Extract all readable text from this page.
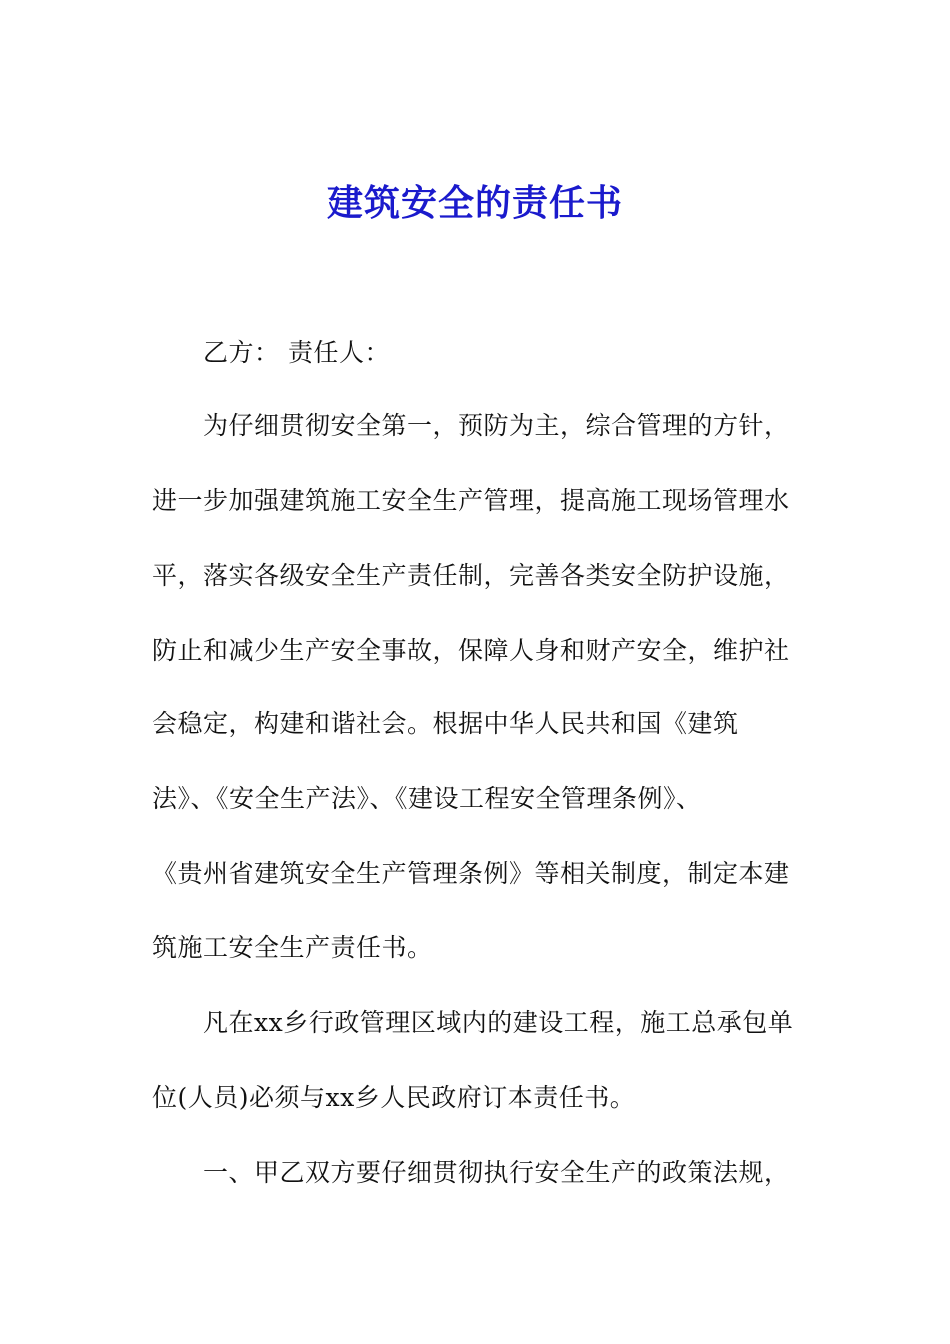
建筑安全的责任书
乙方： 责任人：
为仔细贯彻安全第一，预防为主，综合管理的方针，
进一步加强建筑施工安全生产管理，提高施工现场管理水
平，落实各级安全生产责任制，完善各类安全防护设施，
防止和减少生产安全事故，保障人身和财产安全，维护社
会稳定，构建和谐社会。根据中华人民共和国《建筑
法》、《安全生产法》、《建设工程安全管理条例》、
《贵州省建筑安全生产管理条例》等相关制度，制定本建
筑施工安全生产责任书。
凡在xx乡行政管理区域内的建设工程，施工总承包单
位(人员)必须与xx乡人民政府订本责任书。
一、甲乙双方要仔细贯彻执行安全生产的政策法规，
